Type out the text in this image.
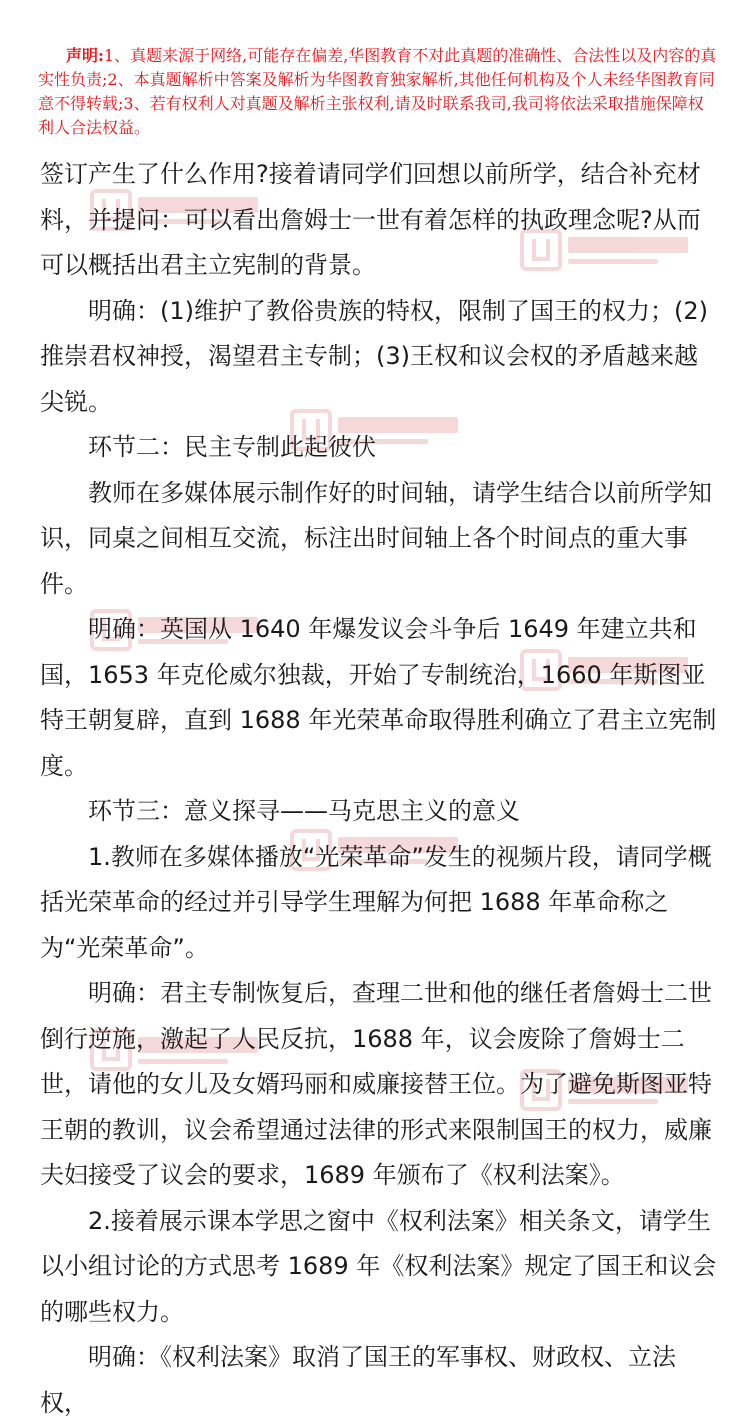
声明:1、真题来源于网络,可能存在偏差,华图教育不对此真题的准确性、合法性以及内容的真实性负责;2、本真题解析中答案及解析为华图教育独家解析,其他任何机构及个人未经华图教育同意不得转载;3、若有权利人对真题及解析主张权利,请及时联系我司,我司将依法采取措施保障权利人合法权益。

签订产生了什么作用?接着请同学们回想以前所学，结合补充材料，并提问：可以看出詹姆士一世有着怎样的执政理念呢?从而可以概括出君主立宪制的背景。

明确：(1)维护了教俗贵族的特权，限制了国王的权力；(2)推崇君权神授，渴望君主专制；(3)王权和议会权的矛盾越来越尖锐。

环节二：民主专制此起彼伏

教师在多媒体展示制作好的时间轴，请学生结合以前所学知识，同桌之间相互交流，标注出时间轴上各个时间点的重大事件。

明确：英国从 1640 年爆发议会斗争后 1649 年建立共和国，1653 年克伦威尔独裁，开始了专制统治，1660 年斯图亚特王朝复辟，直到 1688 年光荣革命取得胜利确立了君主立宪制度。

环节三：意义探寻——马克思主义的意义

1.教师在多媒体播放“光荣革命”发生的视频片段，请同学概括光荣革命的经过并引导学生理解为何把 1688 年革命称之为“光荣革命”。

明确：君主专制恢复后，查理二世和他的继任者詹姆士二世倒行逆施，激起了人民反抗，1688 年，议会废除了詹姆士二世，请他的女儿及女婿玛丽和威廉接替王位。为了避免斯图亚特王朝的教训，议会希望通过法律的形式来限制国王的权力，威廉夫妇接受了议会的要求，1689 年颁布了《权利法案》。

2.接着展示课本学思之窗中《权利法案》相关条文，请学生以小组讨论的方式思考 1689 年《权利法案》规定了国王和议会的哪些权力。

明确：《权利法案》取消了国王的军事权、财政权、立法权，
